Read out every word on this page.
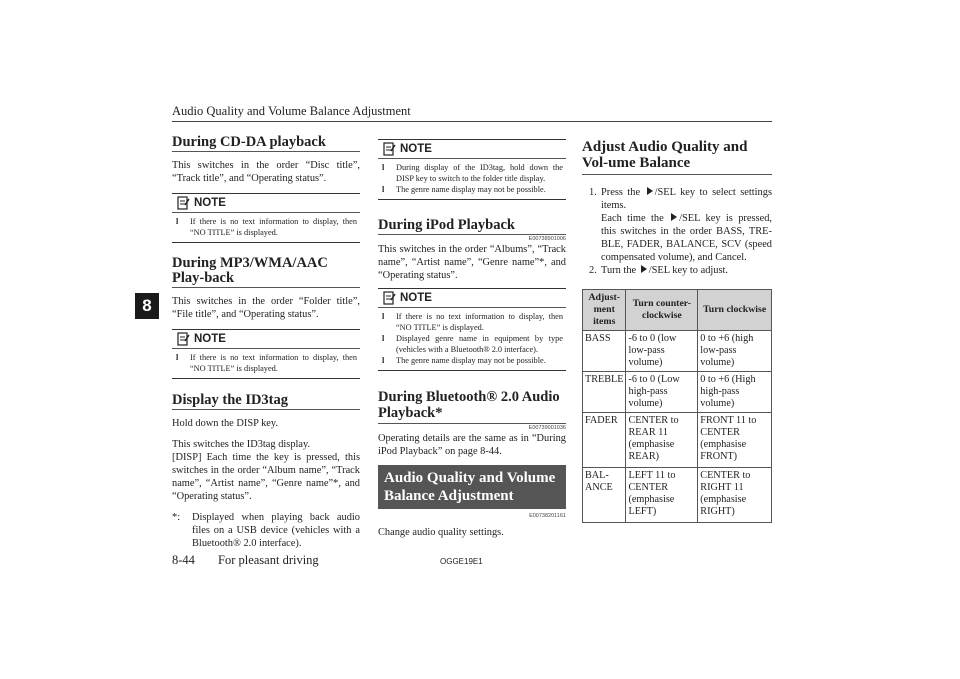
Audio Quality and Volume Balance Adjustment
8
During CD-DA playback

This switches in the order “Disc title”, “Track title”, and “Operating status”.

NOTE
l	If there is no text information to display, then “NO TITLE” is displayed.
During MP3/WMA/AAC Play-back

This switches in the order “Folder title”, “File title”, and “Operating status”.

NOTE
l	If there is no text information to display, then “NO TITLE” is displayed.
Display the ID3tag

Hold down the DISP key.

This switches the ID3tag display.

[DISP] Each time the key is pressed, this switches in the order “Album name”, “Track name”, “Artist name”, “Genre name”*, and “Operating status”.

*:	Displayed when playing back audio files on a USB device (vehicles with a Bluetooth® 2.0 interface).

NOTE
l	During display of the ID3tag, hold down the DISP key to switch to the folder title display.
l	The genre name display may not be possible.
During iPod Playback
E00738901006

This switches in the order “Albums”, “Track name”, “Artist name”, “Genre name”*, and “Operating status”.

NOTE
l	If there is no text information to display, then “NO TITLE” is displayed.
l	Displayed genre name in equipment by type (vehicles with a Bluetooth® 2.0 interface).
l	The genre name display may not be possible.
During Bluetooth® 2.0 Audio Playback*
E00739001036

Operating details are the same as in “During iPod Playback” on page 8-44.

Audio Quality and Volume Balance Adjustment
E00738201161

Change audio quality settings.

Adjust Audio Quality and Vol-ume Balance
1. Press the /SEL key to select settings items.

Each time the /SEL key is pressed, this switches in the order BASS, TRE-BLE, FADER, BALANCE, SCV (speed compensated volume), and Cancel.

2. Turn the /SEL key to adjust.

Adjust-ment items	Turn counter-clockwise	Turn clockwise
BASS	-6 to 0 (low low-pass volume)	0 to +6 (high low-pass volume)
TREBLE	-6 to 0 (Low high-pass volume)	0 to +6 (High high-pass volume)
FADER	CENTER to REAR 11 (emphasise REAR)	FRONT 11 to CENTER (emphasise FRONT)
BAL-ANCE	LEFT 11 to CENTER (emphasise LEFT)	CENTER to RIGHT 11 (emphasise RIGHT)
8-44 For pleasant driving	OGGE19E1
